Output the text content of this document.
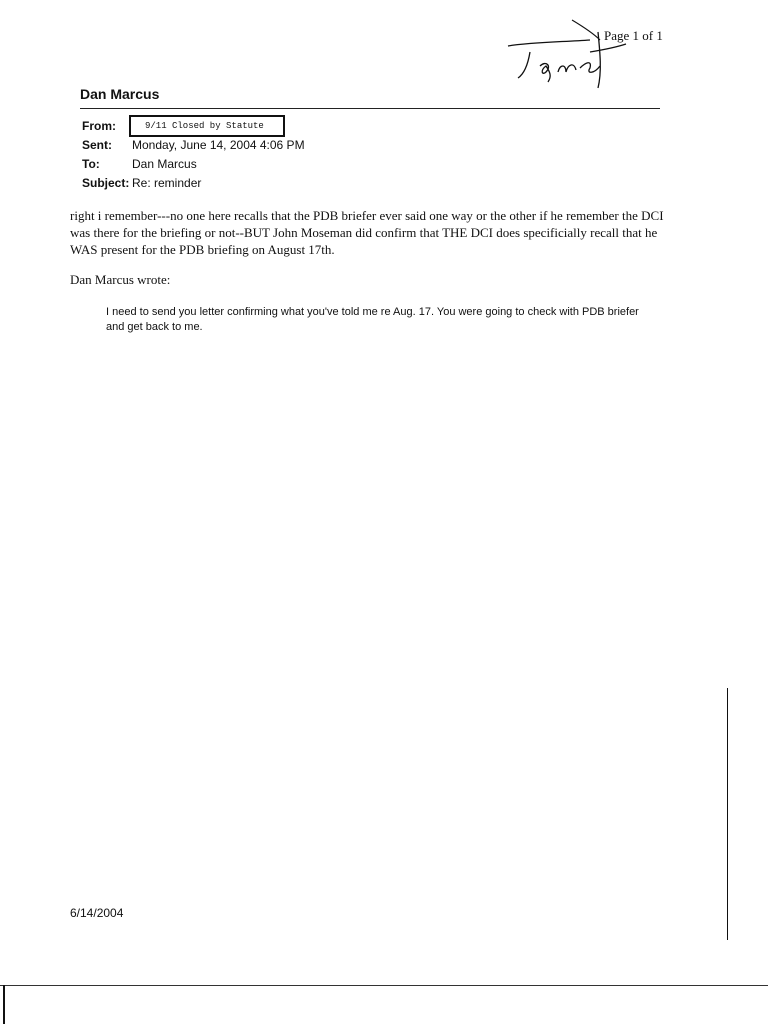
Page 1 of 1
Dan Marcus
From:	9/11 Closed by Statute
Sent:	Monday, June 14, 2004 4:06 PM
To:	Dan Marcus
Subject: Re: reminder

right i remember---no one here recalls that the PDB briefer ever said one way or the other if he remember the DCI was there for the briefing or not--BUT John Moseman did confirm that THE DCI does specificially recall that he WAS present for the PDB briefing on August 17th.

Dan Marcus wrote:

I need to send you letter confirming what you've told me re Aug. 17. You were going to check with PDB briefer and get back to me.

6/14/2004
